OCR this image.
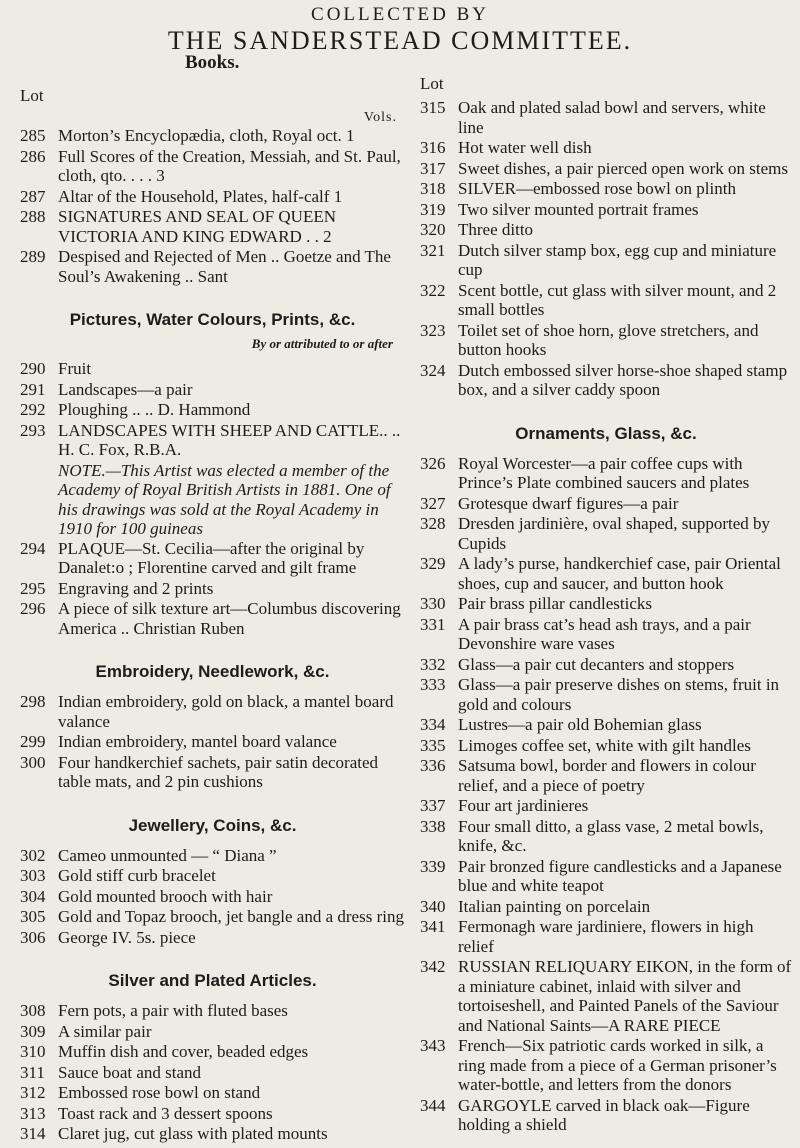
COLLECTED BY
THE SANDERSTEAD COMMITTEE.
Lot
Vols.
285 Morton’s Encyclopædia, cloth, Royal oct. 1
286 Full Scores of the Creation, Messiah, and St. Paul, cloth, qto. . . . 3
287 Altar of the Household, Plates, half-calf 1
288 SIGNATURES AND SEAL OF QUEEN VICTORIA AND KING EDWARD . . 2
289 Despised and Rejected of Men .. Goetze and The Soul’s Awakening .. Sant
Pictures, Water Colours, Prints, &c.
By or attributed to or after
290 Fruit
291 Landscapes—a pair
292 Ploughing .. .. D. Hammond
293 LANDSCAPES WITH SHEEP AND CATTLE.. .. H. C. Fox, R.B.A.
NOTE.—This Artist was elected a member of the Academy of Royal British Artists in 1881. One of his drawings was sold at the Royal Academy in 1910 for 100 guineas
294 PLAQUE—St. Cecilia—after the original by Danalet:o ; Florentine carved and gilt frame
295 Engraving and 2 prints
296 A piece of silk texture art—Columbus discovering America .. Christian Ruben
Embroidery, Needlework, &c.
298 Indian embroidery, gold on black, a mantel board valance
299 Indian embroidery, mantel board valance
300 Four handkerchief sachets, pair satin decorated table mats, and 2 pin cushions
Jewellery, Coins, &c.
302 Cameo unmounted — “ Diana ”
303 Gold stiff curb bracelet
304 Gold mounted brooch with hair
305 Gold and Topaz brooch, jet bangle and a dress ring
306 George IV. 5s. piece
Silver and Plated Articles.
308 Fern pots, a pair with fluted bases
309 A similar pair
310 Muffin dish and cover, beaded edges
311 Sauce boat and stand
312 Embossed rose bowl on stand
313 Toast rack and 3 dessert spoons
314 Claret jug, cut glass with plated mounts
Books.
Lot
315 Oak and plated salad bowl and servers, white line
316 Hot water well dish
317 Sweet dishes, a pair pierced open work on stems
318 SILVER—embossed rose bowl on plinth
319 Two silver mounted portrait frames
320 Three ditto
321 Dutch silver stamp box, egg cup and miniature cup
322 Scent bottle, cut glass with silver mount, and 2 small bottles
323 Toilet set of shoe horn, glove stretchers, and button hooks
324 Dutch embossed silver horse-shoe shaped stamp box, and a silver caddy spoon
Ornaments, Glass, &c.
326 Royal Worcester—a pair coffee cups with Prince’s Plate combined saucers and plates
327 Grotesque dwarf figures—a pair
328 Dresden jardinière, oval shaped, supported by Cupids
329 A lady’s purse, handkerchief case, pair Oriental shoes, cup and saucer, and button hook
330 Pair brass pillar candlesticks
331 A pair brass cat’s head ash trays, and a pair Devonshire ware vases
332 Glass—a pair cut decanters and stoppers
333 Glass—a pair preserve dishes on stems, fruit in gold and colours
334 Lustres—a pair old Bohemian glass
335 Limoges coffee set, white with gilt handles
336 Satsuma bowl, border and flowers in colour relief, and a piece of poetry
337 Four art jardinieres
338 Four small ditto, a glass vase, 2 metal bowls, knife, &c.
339 Pair bronzed figure candlesticks and a Japanese blue and white teapot
340 Italian painting on porcelain
341 Fermonagh ware jardiniere, flowers in high relief
342 RUSSIAN RELIQUARY EIKON, in the form of a miniature cabinet, inlaid with silver and tortoiseshell, and Painted Panels of the Saviour and National Saints—A RARE PIECE
343 French—Six patriotic cards worked in silk, a ring made from a piece of a German prisoner’s water-bottle, and letters from the donors
344 GARGOYLE carved in black oak—Figure holding a shield
